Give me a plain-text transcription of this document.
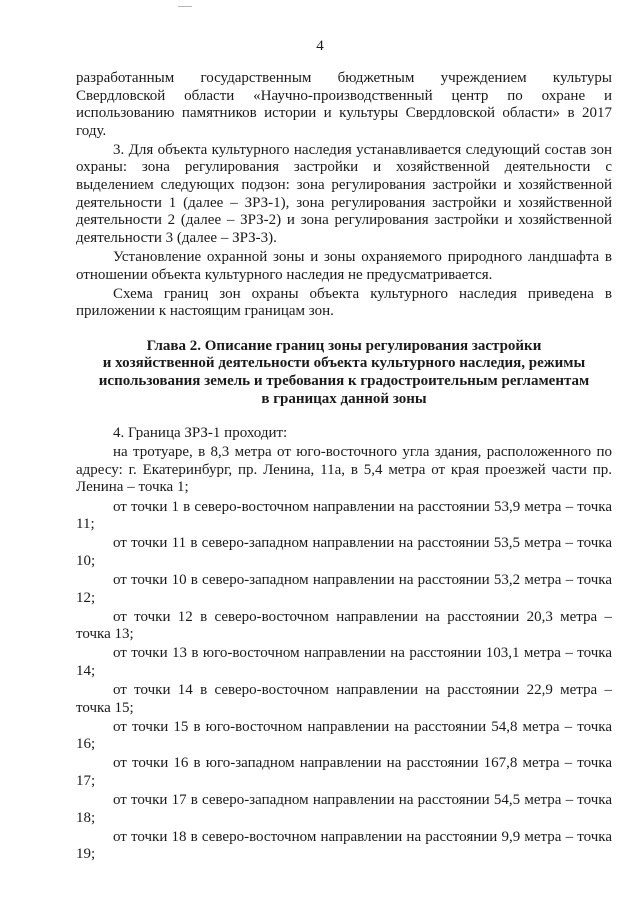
4

разработанным государственным бюджетным учреждением культуры Свердловской области «Научно-производственный центр по охране и использованию памятников истории и культуры Свердловской области» в 2017 году.

3. Для объекта культурного наследия устанавливается следующий состав зон охраны: зона регулирования застройки и хозяйственной деятельности с выделением следующих подзон: зона регулирования застройки и хозяйственной деятельности 1 (далее – ЗРЗ-1), зона регулирования застройки и хозяйственной деятельности 2 (далее – ЗРЗ-2) и зона регулирования застройки и хозяйственной деятельности 3 (далее – ЗРЗ-3).

Установление охранной зоны и зоны охраняемого природного ландшафта в отношении объекта культурного наследия не предусматривается.

Схема границ зон охраны объекта культурного наследия приведена в приложении к настоящим границам зон.

Глава 2. Описание границ зоны регулирования застройки
и хозяйственной деятельности объекта культурного наследия, режимы
использования земель и требования к градостроительным регламентам
в границах данной зоны

4. Граница ЗРЗ-1 проходит:

на тротуаре, в 8,3 метра от юго-восточного угла здания, расположенного по адресу: г. Екатеринбург, пр. Ленина, 11а, в 5,4 метра от края проезжей части пр. Ленина – точка 1;

от точки 1 в северо-восточном направлении на расстоянии 53,9 метра – точка 11;

от точки 11 в северо-западном направлении на расстоянии 53,5 метра – точка 10;

от точки 10 в северо-западном направлении на расстоянии 53,2 метра – точка 12;

от точки 12 в северо-восточном направлении на расстоянии 20,3 метра – точка 13;

от точки 13 в юго-восточном направлении на расстоянии 103,1 метра – точка 14;

от точки 14 в северо-восточном направлении на расстоянии 22,9 метра – точка 15;

от точки 15 в юго-восточном направлении на расстоянии 54,8 метра – точка 16;

от точки 16 в юго-западном направлении на расстоянии 167,8 метра – точка 17;

от точки 17 в северо-западном направлении на расстоянии 54,5 метра – точка 18;

от точки 18 в северо-восточном направлении на расстоянии 9,9 метра – точка 19;
